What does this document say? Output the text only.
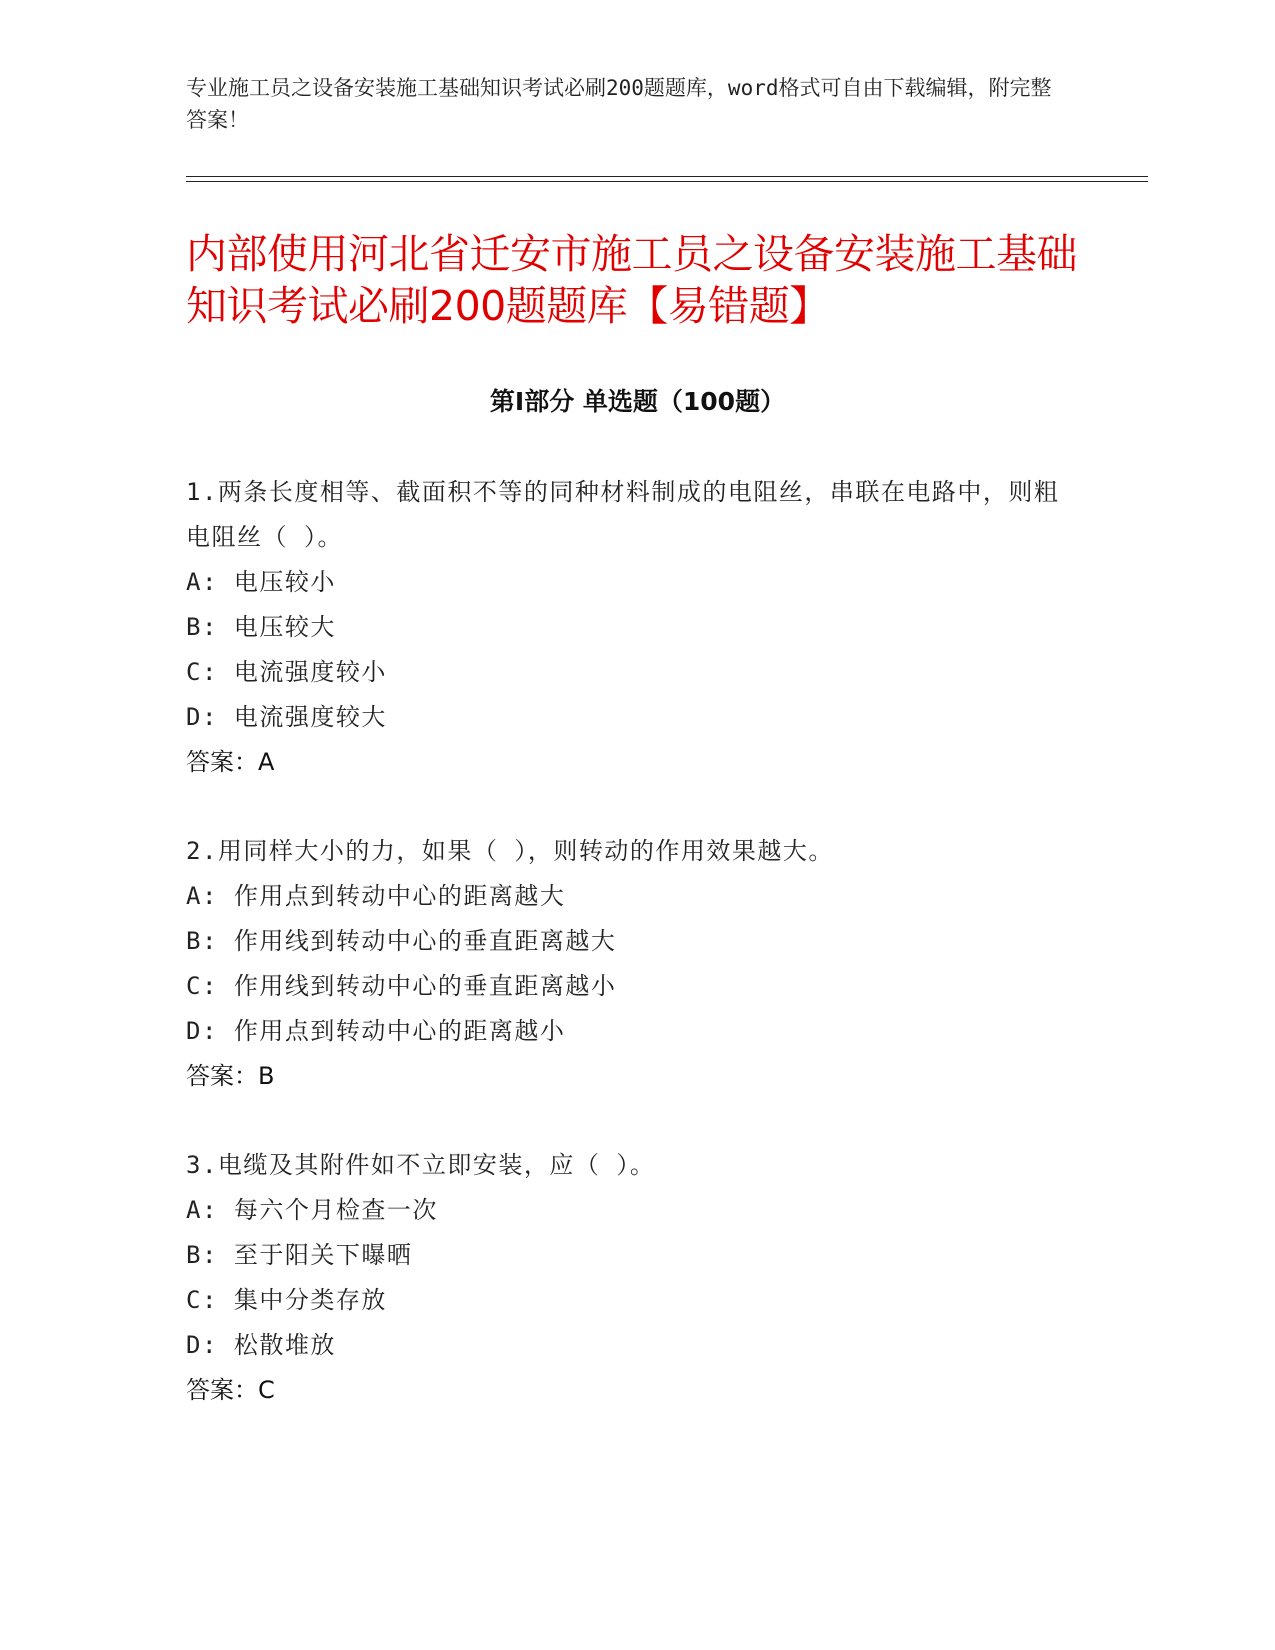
专业施工员之设备安装施工基础知识考试必刷200题题库，word格式可自由下载编辑，附完整答案！
内部使用河北省迁安市施工员之设备安装施工基础知识考试必刷200题题库【易错题】
第Ⅰ部分 单选题（100题）
1.两条长度相等、截面积不等的同种材料制成的电阻丝，串联在电路中，则粗电阻丝（ ）。
A: 电压较小
B: 电压较大
C: 电流强度较小
D: 电流强度较大
答案：A
2.用同样大小的力，如果（ ），则转动的作用效果越大。
A: 作用点到转动中心的距离越大
B: 作用线到转动中心的垂直距离越大
C: 作用线到转动中心的垂直距离越小
D: 作用点到转动中心的距离越小
答案：B
3.电缆及其附件如不立即安装，应（ ）。
A: 每六个月检查一次
B: 至于阳关下曝晒
C: 集中分类存放
D: 松散堆放
答案：C
